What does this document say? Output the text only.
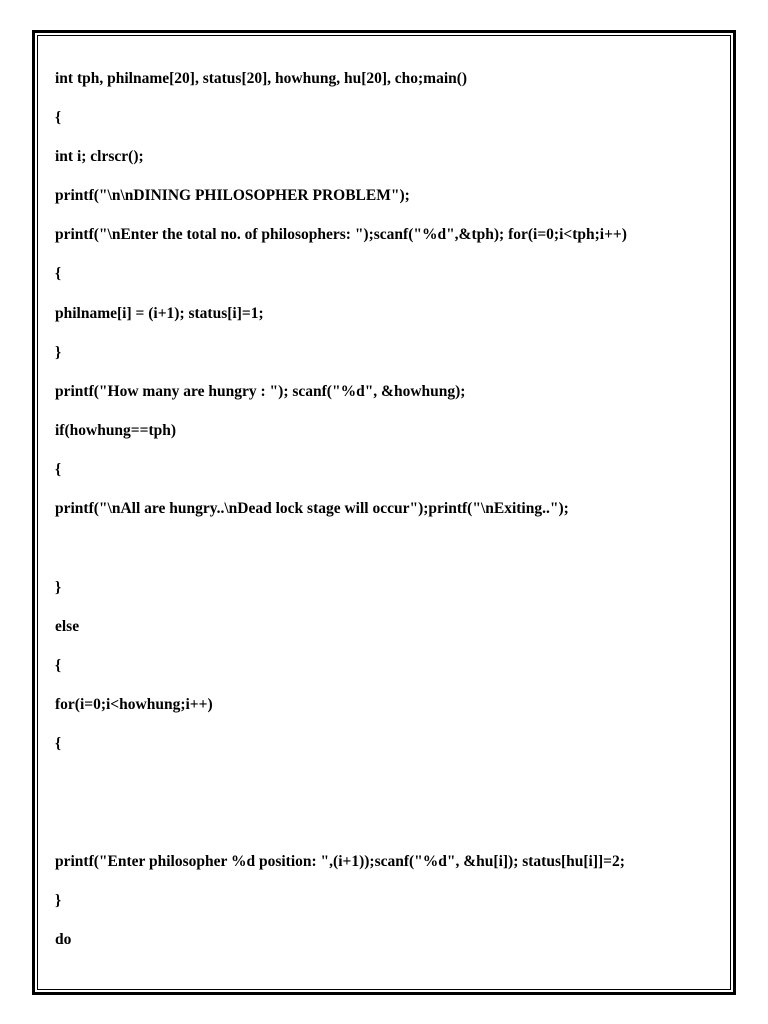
int tph, philname[20], status[20], howhung, hu[20], cho;main()

{

int i; clrscr();

printf("\n\nDINING PHILOSOPHER PROBLEM");

printf("\nEnter the total no. of philosophers: ");scanf("%d",&tph); for(i=0;i<tph;i++)

{

philname[i] = (i+1); status[i]=1;

}

printf("How many are hungry : "); scanf("%d", &howhung);

if(howhung==tph)

{

printf("\nAll are hungry..\nDead lock stage will occur");printf("\nExiting..");

}

else

{

for(i=0;i<howhung;i++)

{

printf("Enter philosopher %d position: ",(i+1));scanf("%d", &hu[i]); status[hu[i]]=2;

}

do
